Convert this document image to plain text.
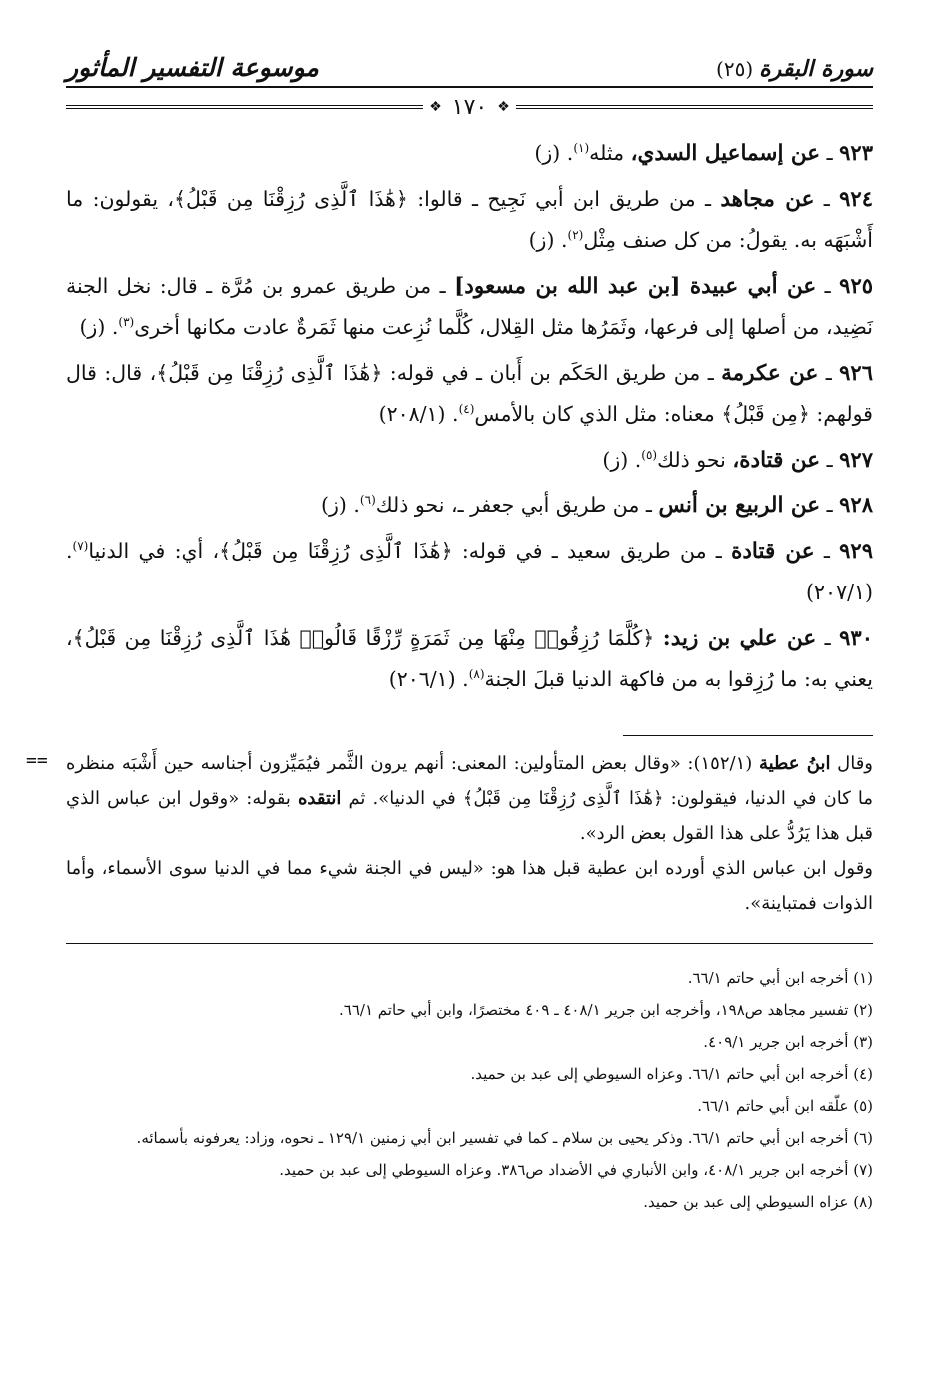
سورة البقرة(٢٥)
موسوعة التفسير المأثور
❖
١٧٠
❖

٩٢٣ ـ عن إسماعيل السدي، مثله$^{(١)}$. (ز)

٩٢٤ ـ عن مجاهد ـ من طريق ابن أبي نَجِيح ـ قالوا: ﴿هَٰذَا ٱلَّذِى رُزِقْنَا مِن قَبْلُ﴾، يقولون: ما أَشْبَهَه به. يقولُ: من كل صنف مِثْل$^{(٢)}$. (ز)

٩٢٥ ـ عن أبي عبيدة [بن عبد الله بن مسعود] ـ من طريق عمرو بن مُرَّة ـ قال: نخل الجنة نَضِيد، من أصلها إلى فرعها، وثَمَرُها مثل القِلال، كُلَّما نُزِعت منها ثَمَرةٌ عادت مكانها أخرى$^{(٣)}$. (ز)

٩٢٦ ـ عن عكرمة ـ من طريق الحَكَم بن أَبان ـ في قوله: ﴿هَٰذَا ٱلَّذِى رُزِقْنَا مِن قَبْلُ﴾، قال: قال قولهم: ﴿مِن قَبْلُ﴾ معناه: مثل الذي كان بالأمس$^{(٤)}$. (٢٠٨/١)

٩٢٧ ـ عن قتادة، نحو ذلك$^{(٥)}$. (ز)

٩٢٨ ـ عن الربيع بن أنس ـ من طريق أبي جعفر ـ، نحو ذلك$^{(٦)}$. (ز)

٩٢٩ ـ عن قتادة ـ من طريق سعيد ـ في قوله: ﴿هَٰذَا ٱلَّذِى رُزِقْنَا مِن قَبْلُ﴾، أي: في الدنيا$^{(٧)}$. (٢٠٧/١)

٩٣٠ ـ عن علي بن زيد: ﴿كُلَّمَا رُزِقُوا۟ مِنْهَا مِن ثَمَرَةٍ رِّزْقًا قَالُوا۟ هَٰذَا ٱلَّذِى رُزِقْنَا مِن قَبْلُ﴾، يعني به: ما رُزِقوا به من فاكهة الدنيا قبلَ الجنة$^{(٨)}$. (٢٠٦/١)

==	وقال ابنُ عطية (١٥٢/١): «وقال بعض المتأولين: المعنى: أنهم يرون الثَّمر فيُمَيِّزون أجناسه حين أَشْبَه منظره ما كان في الدنيا، فيقولون: ﴿هَٰذَا ٱلَّذِى رُزِقْنَا مِن قَبْلُ﴾ في الدنيا». ثم انتقده بقوله: «وقول ابن عباس الذي قبل هذا يَرُدُّ على هذا القول بعض الرد».

وقول ابن عباس الذي أورده ابن عطية قبل هذا هو: «ليس في الجنة شيء مما في الدنيا سوى الأسماء، وأما الذوات فمتباينة».

(١) أخرجه ابن أبي حاتم ٦٦/١.

(٢) تفسير مجاهد ص١٩٨، وأخرجه ابن جرير ٤٠٨/١ ـ ٤٠٩ مختصرًا، وابن أبي حاتم ٦٦/١.

(٣) أخرجه ابن جرير ٤٠٩/١.

(٤) أخرجه ابن أبي حاتم ٦٦/١. وعزاه السيوطي إلى عبد بن حميد.

(٥) علّقه ابن أبي حاتم ٦٦/١.

(٦) أخرجه ابن أبي حاتم ٦٦/١. وذكر يحيى بن سلام ـ كما في تفسير ابن أبي زمنين ١٢٩/١ ـ نحوه، وزاد: يعرفونه بأسمائه.

(٧) أخرجه ابن جرير ٤٠٨/١، وابن الأنباري في الأضداد ص٣٨٦. وعزاه السيوطي إلى عبد بن حميد.

(٨) عزاه السيوطي إلى عبد بن حميد.
